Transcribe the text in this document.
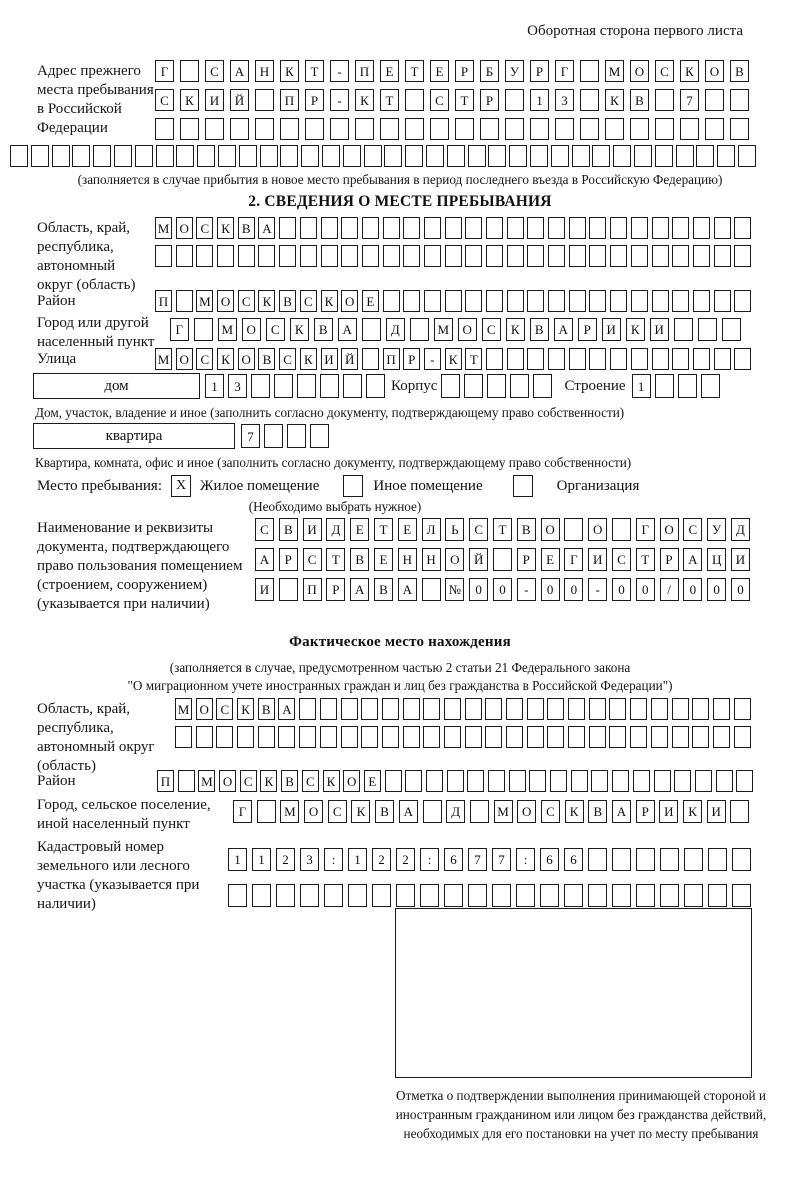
Оборотная сторона первого листа
Адрес прежнего места пребывания в Российской Федерации
Г	С	А	Н	К	Т	-	П	Е	Т	Е	Р	Б	У	Р	Г	М	О	С	К	О	В
С	К	И	Й	П	Р	-	К	Т	С	Т	Р	1	3	К	В	7
(заполняется в случае прибытия в новое место пребывания в период последнего въезда в Российскую Федерацию)
2. СВЕДЕНИЯ О МЕСТЕ ПРЕБЫВАНИЯ
Область, край, республика, автономный округ (область)
М О С К В А
Район	П М О С К В С К О Е
Город или другой населенный пункт
Г	М	О	С	К	В	А	Д	М	О	С	К	В	А	Р	И	К	И
Улица	М О С К О В С К И Й П Р	-	К Т
дом	1	3	Корпус	Строение 1
Дом, участок, владение и иное (заполнить согласно документу, подтверждающему право собственности)
квартира	7
Квартира, комната, офис и иное (заполнить согласно документу, подтверждающему право собственности)
Место пребывания: X Жилое помещение	Иное помещение	Организация
(Необходимо выбрать нужное)
Наименование и реквизиты документа, подтверждающего право пользования помещением (строением, сооружением) (указывается при наличии)
С	В	И	Д	Е	Т	Е	Л	Ь	С	Т	В	О	О	Г	О	С	У	Д
А	Р	С	Т	В	Е	Н	Н	О	Й	Р	Е	Г	И	С	Т	Р	А	Ц	И
И	П	Р	А	В	А	№	0	0	-	0	0	-	0	0	/	0	0	0
Фактическое место нахождения
(заполняется в случае, предусмотренном частью 2 статьи 21 Федерального закона
"О миграционном учете иностранных граждан и лиц без гражданства в Российской Федерации")
Область, край, республика, автономный округ (область)
М О С К В А
Район	П М О С К В С К О Е
Город, сельское поселение, иной населенный пункт
Г	М	О	С	К	В	А	Д	М	О	С	К	В	А	Р	И	К	И
Кадастровый номер земельного или лесного участка (указывается при наличии)
1	1	2	3	:	1	2	2	:	6	7	7	:	6	6
Отметка о подтверждении выполнения принимающей стороной и иностранным гражданином или лицом без гражданства действий, необходимых для его постановки на учет по месту пребывания
